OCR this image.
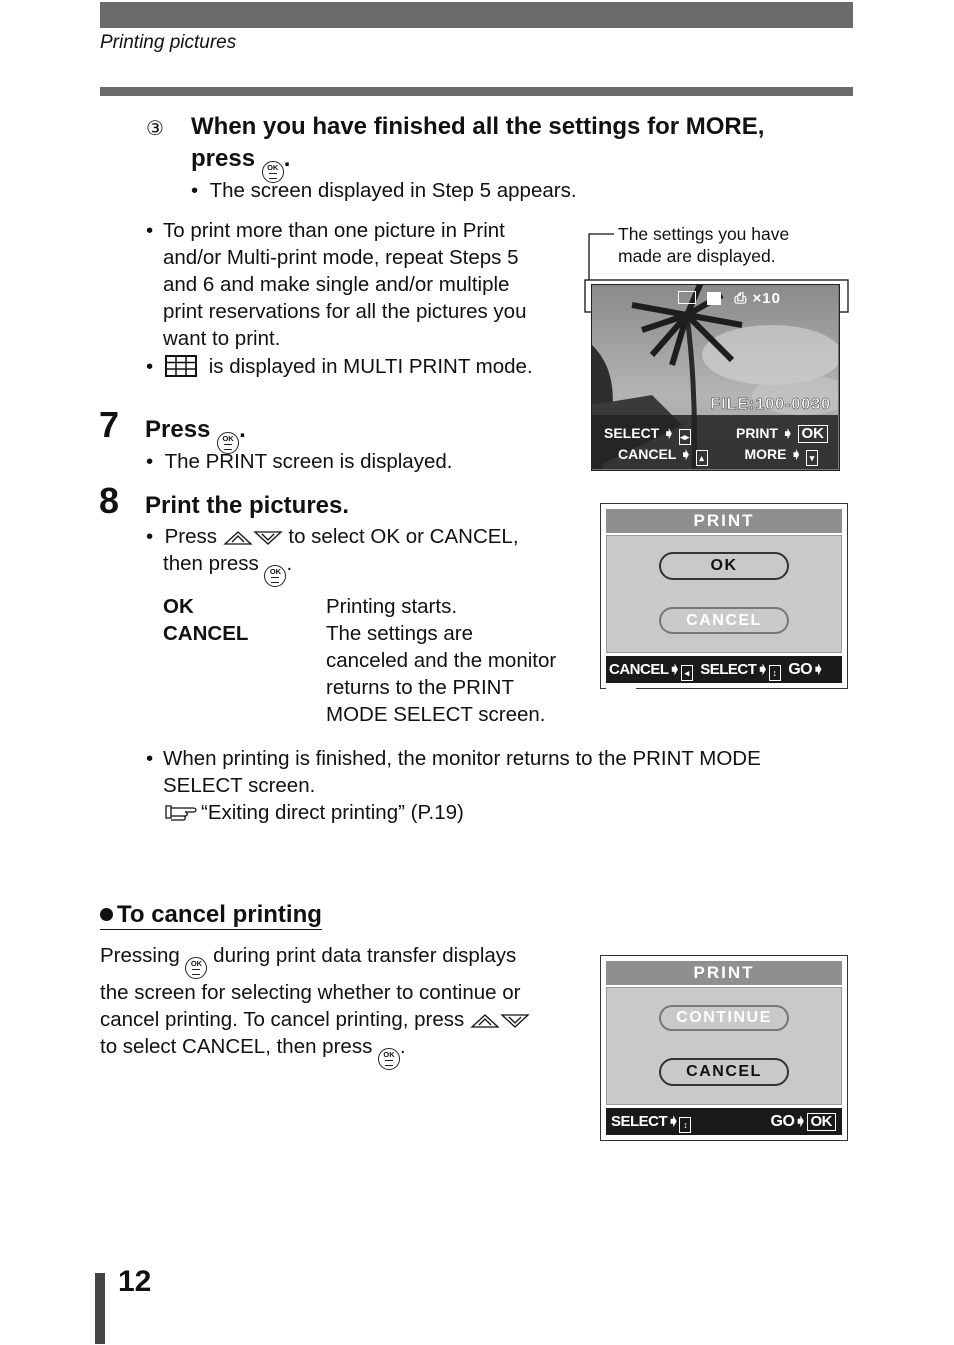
Printing pictures
③ When you have finished all the settings for MORE,
press OK .
•  The screen displayed in Step 5 appears.
• To print more than one picture in Print
and/or Multi-print mode, repeat Steps 5
and 6 and make single and/or multiple
print reservations for all the pictures you
want to print.
•	is displayed in MULTI PRINT mode.
The settings you have
made are displayed.
⎙ ×10
FILE:100-0030
SELECT ➧ ◂▸	PRINT ➧ OK
CANCEL ➧ ▴	MORE ➧ ▾
7 Press OK .
•  The PRINT screen is displayed.
8 Print the pictures.
•  Press	to select OK or CANCEL,
then press OK .
OK	Printing starts.
CANCEL	The settings are
canceled and the monitor
returns to the PRINT
MODE SELECT screen.
PRINT
OK
CANCEL
CANCEL➧ ◂ SELECT➧ ↕ GO➧OK
• When printing is finished, the monitor returns to the PRINT MODE
SELECT screen.
“Exiting direct printing” (P.19)
To cancel printing
Pressing OK during print data transfer displays
the screen for selecting whether to continue or
cancel printing. To cancel printing, press
to select CANCEL, then press OK .
PRINT
CONTINUE
CANCEL
SELECT➧ ↕	GO➧ OK
12
